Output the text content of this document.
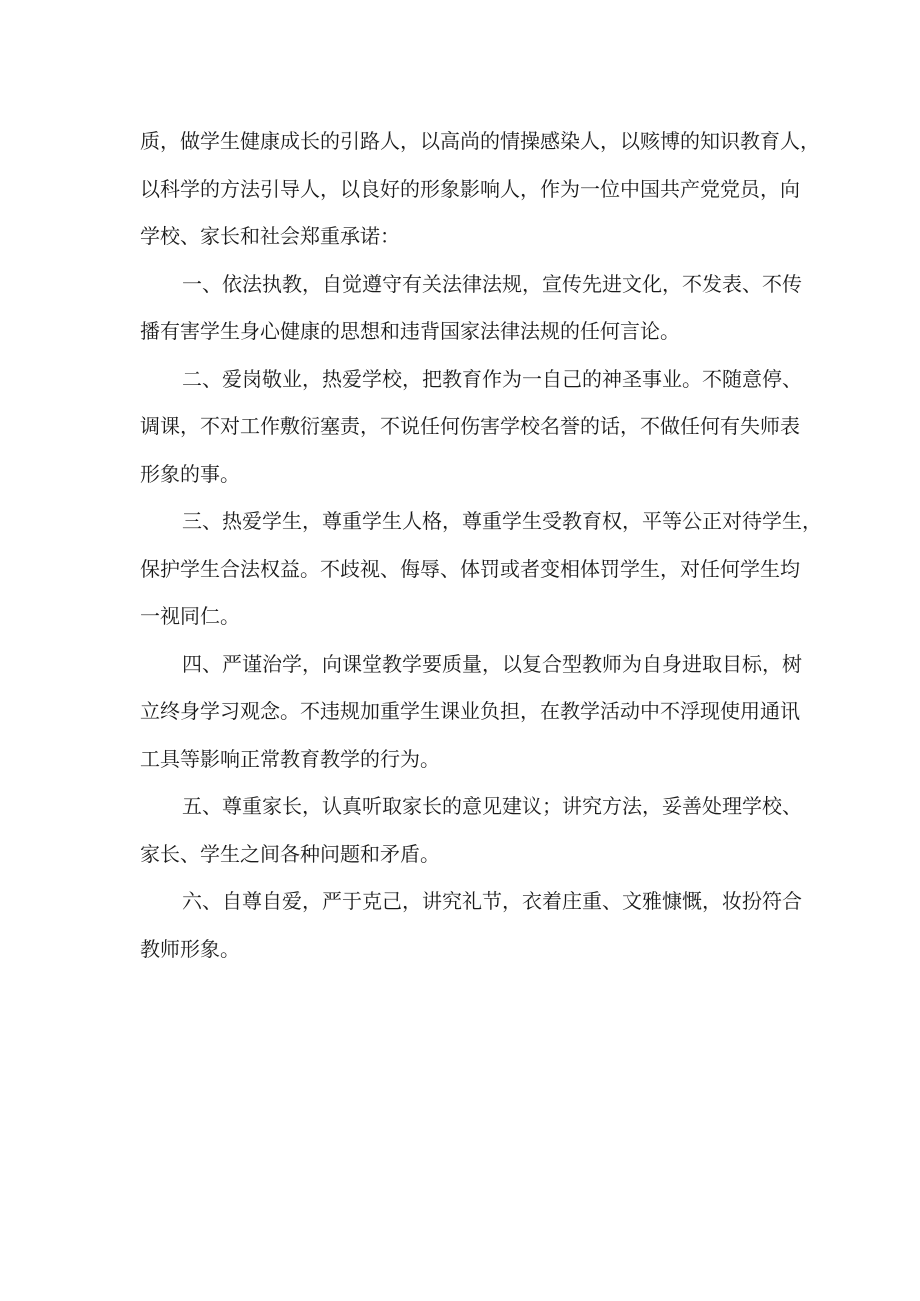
质，做学生健康成长的引路人，以高尚的情操感染人，以赅博的知识教育人，
以科学的方法引导人，以良好的形象影响人，作为一位中国共产党党员，向
学校、家长和社会郑重承诺：
一、依法执教，自觉遵守有关法律法规，宣传先进文化，不发表、不传
播有害学生身心健康的思想和违背国家法律法规的任何言论。
二、爱岗敬业，热爱学校，把教育作为一自己的神圣事业。不随意停、
调课，不对工作敷衍塞责，不说任何伤害学校名誉的话，不做任何有失师表
形象的事。
三、热爱学生，尊重学生人格，尊重学生受教育权，平等公正对待学生，
保护学生合法权益。不歧视、侮辱、体罚或者变相体罚学生，对任何学生均
一视同仁。
四、严谨治学，向课堂教学要质量，以复合型教师为自身进取目标，树
立终身学习观念。不违规加重学生课业负担，在教学活动中不浮现使用通讯
工具等影响正常教育教学的行为。
五、尊重家长，认真听取家长的意见建议；讲究方法，妥善处理学校、
家长、学生之间各种问题和矛盾。
六、自尊自爱，严于克己，讲究礼节，衣着庄重、文雅慷慨，妆扮符合
教师形象。
